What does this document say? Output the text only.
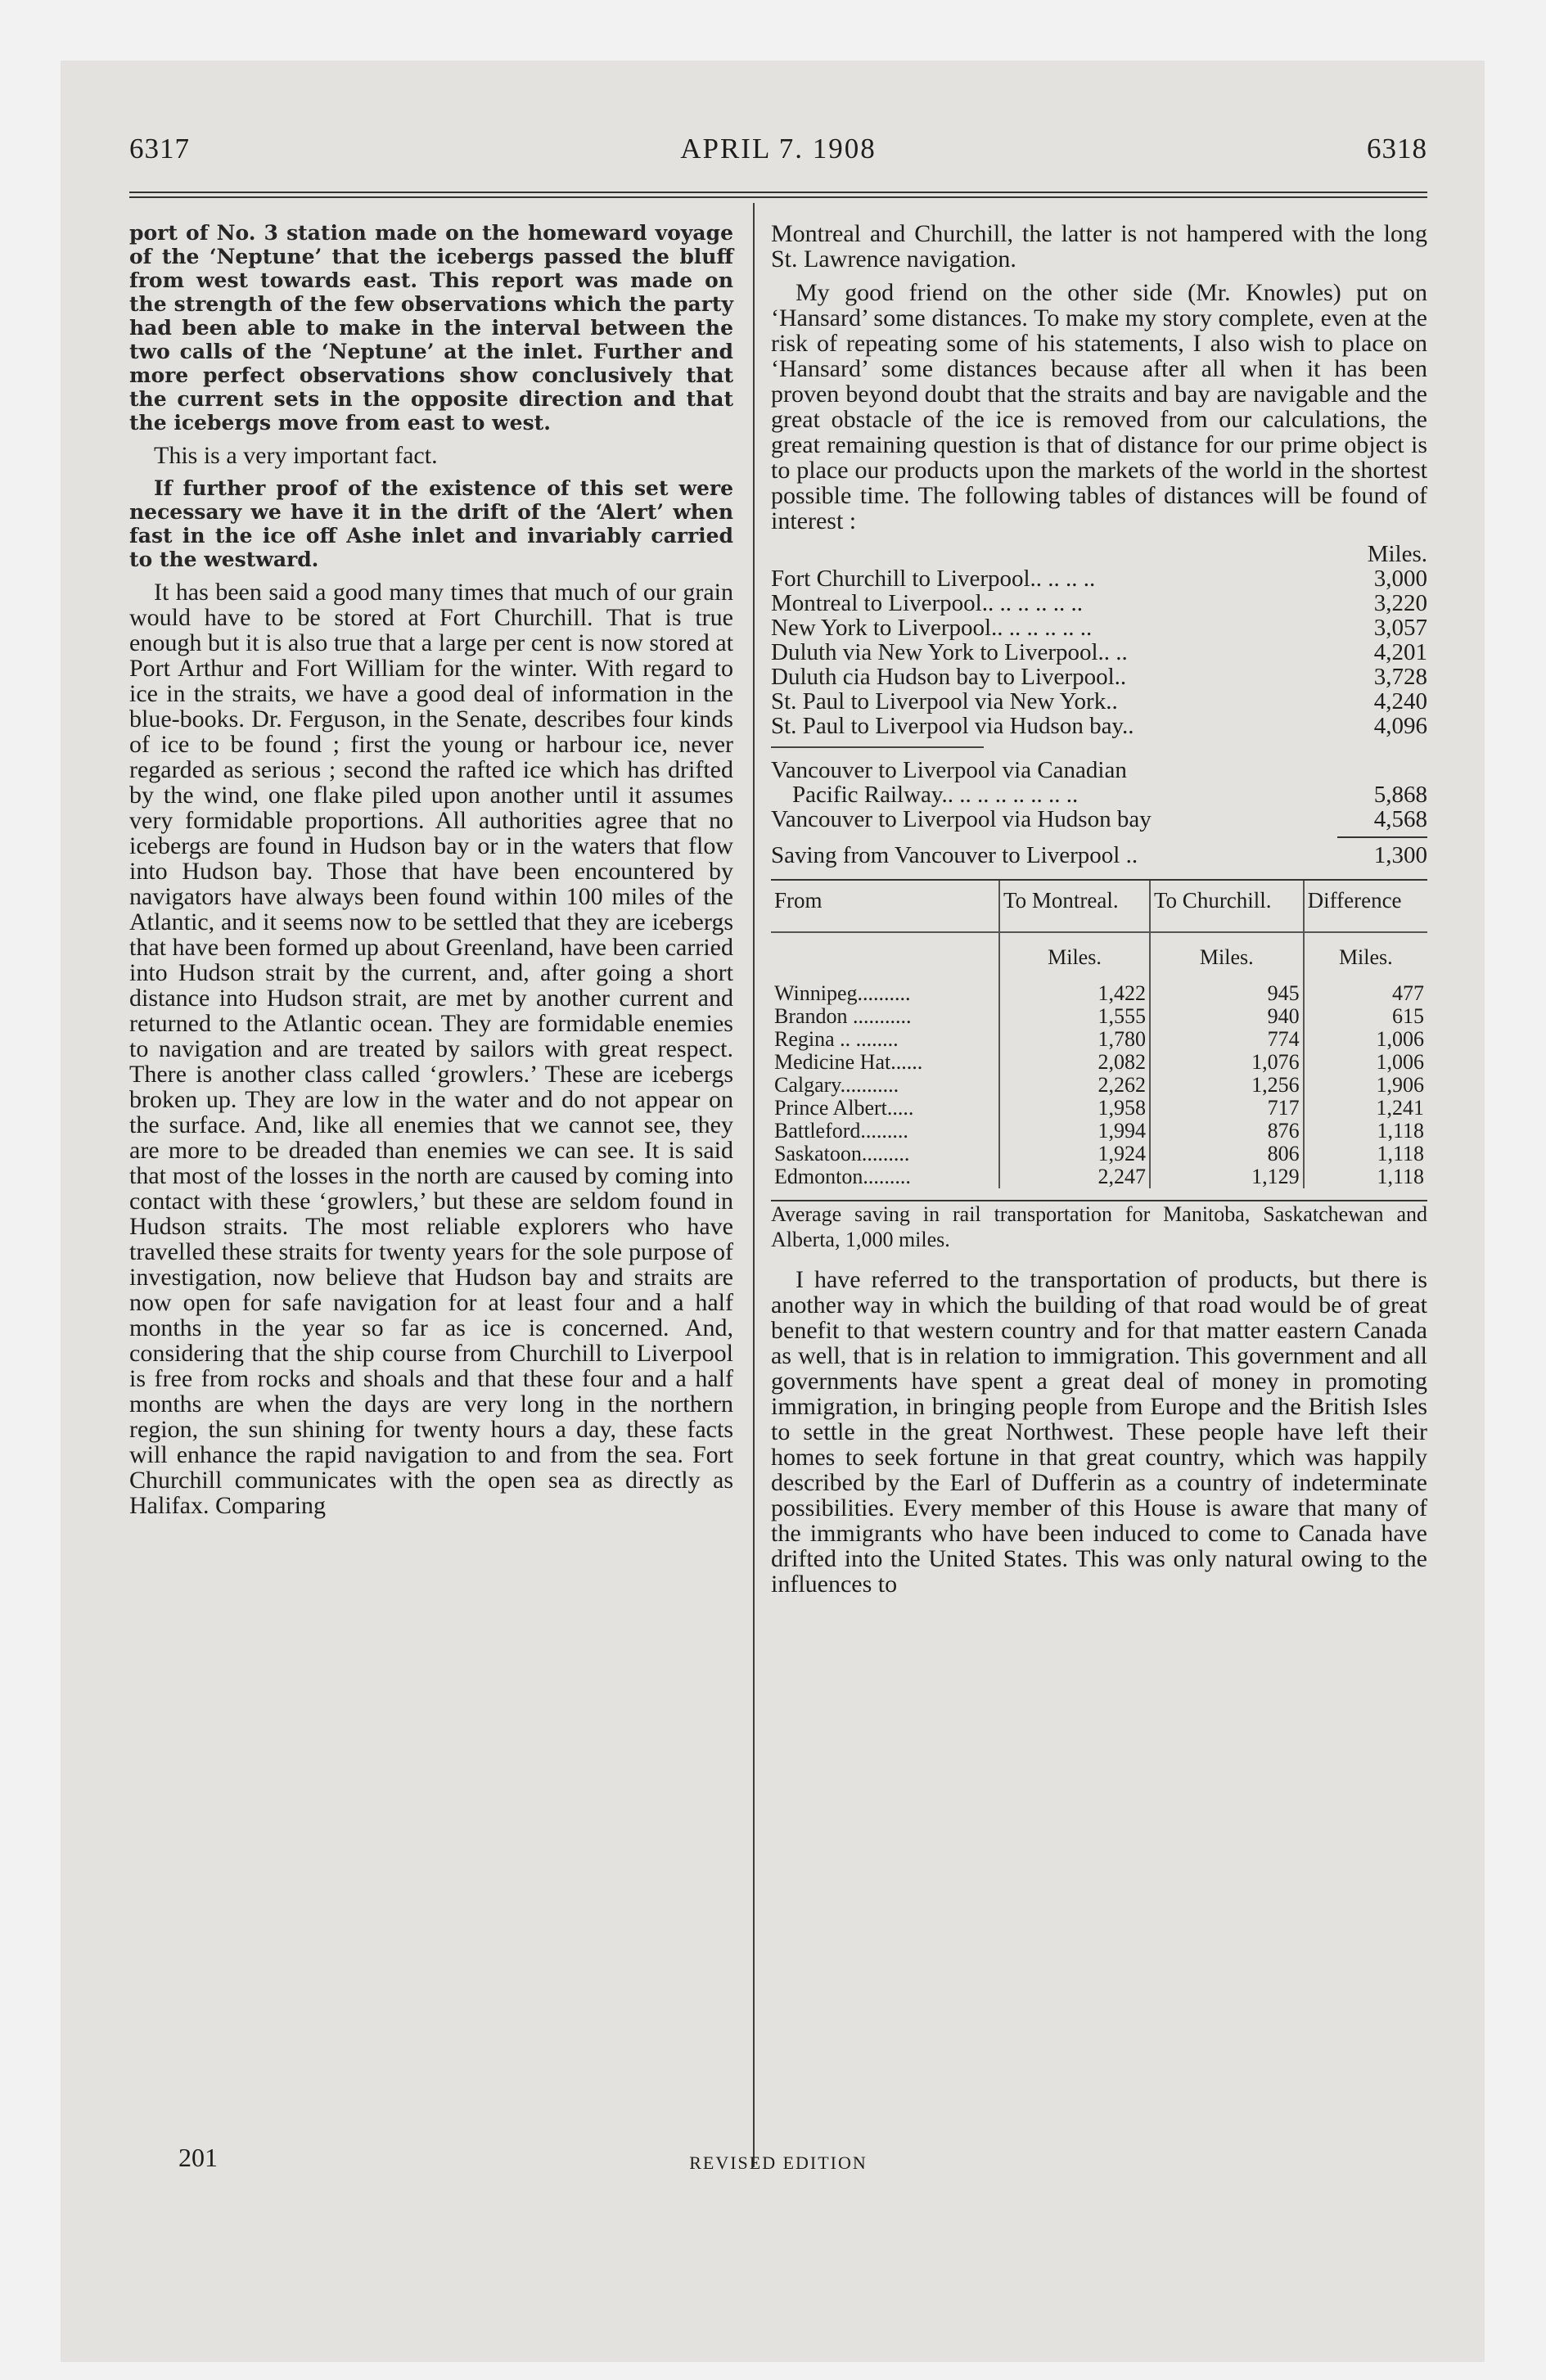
6317	APRIL 7. 1908	6318

port of No. 3 station made on the homeward voyage of the ‘Neptune’ that the icebergs passed the bluff from west towards east. This report was made on the strength of the few observations which the party had been able to make in the interval between the two calls of the ‘Neptune’ at the inlet. Further and more perfect observations show conclusively that the current sets in the opposite direction and that the icebergs move from east to west.

This is a very important fact.

If further proof of the existence of this set were necessary we have it in the drift of the ‘Alert’ when fast in the ice off Ashe inlet and invariably carried to the westward.

It has been said a good many times that much of our grain would have to be stored at Fort Churchill. That is true enough but it is also true that a large per cent is now stored at Port Arthur and Fort William for the winter. With regard to ice in the straits, we have a good deal of information in the blue-books. Dr. Ferguson, in the Senate, describes four kinds of ice to be found ; first the young or harbour ice, never regarded as serious ; second the rafted ice which has drifted by the wind, one flake piled upon another until it assumes very formidable proportions. All authorities agree that no icebergs are found in Hudson bay or in the waters that flow into Hudson bay. Those that have been encountered by navigators have always been found within 100 miles of the Atlantic, and it seems now to be settled that they are icebergs that have been formed up about Greenland, have been carried into Hudson strait by the current, and, after going a short distance into Hudson strait, are met by another current and returned to the Atlantic ocean. They are formidable enemies to navigation and are treated by sailors with great respect. There is another class called ‘growlers.’ These are icebergs broken up. They are low in the water and do not appear on the surface. And, like all enemies that we cannot see, they are more to be dreaded than enemies we can see. It is said that most of the losses in the north are caused by coming into contact with these ‘growlers,’ but these are seldom found in Hudson straits. The most reliable explorers who have travelled these straits for twenty years for the sole purpose of investigation, now believe that Hudson bay and straits are now open for safe navigation for at least four and a half months in the year so far as ice is concerned. And, considering that the ship course from Churchill to Liverpool is free from rocks and shoals and that these four and a half months are when the days are very long in the northern region, the sun shining for twenty hours a day, these facts will enhance the rapid navigation to and from the sea. Fort Churchill communicates with the open sea as directly as Halifax. Comparing

Montreal and Churchill, the latter is not hampered with the long St. Lawrence navigation.

My good friend on the other side (Mr. Knowles) put on ‘Hansard’ some distances. To make my story complete, even at the risk of repeating some of his statements, I also wish to place on ‘Hansard’ some distances because after all when it has been proven beyond doubt that the straits and bay are navigable and the great obstacle of the ice is removed from our calculations, the great remaining question is that of distance for our prime object is to place our products upon the markets of the world in the shortest possible time. The following tables of distances will be found of interest :

	Miles.
Fort Churchill to Liverpool.. .. .. ..	3,000
Montreal to Liverpool.. .. .. .. .. ..	3,220
New York to Liverpool.. .. .. .. .. ..	3,057
Duluth via New York to Liverpool.. ..	4,201
Duluth cia Hudson bay to Liverpool..	3,728
St. Paul to Liverpool via New York..	4,240
St. Paul to Liverpool via Hudson bay..	4,096
Vancouver to Liverpool via Canadian	
Pacific Railway.. .. .. .. .. .. .. ..	5,868
Vancouver to Liverpool via Hudson bay	4,568
Saving from Vancouver to Liverpool ..	1,300
From	To Montreal.	To Churchill.	Difference

	Miles.	Miles.	Miles.
Winnipeg..........	1,422	945	477
Brandon ...........	1,555	940	615
Regina .. ........	1,780	774	1,006
Medicine Hat......	2,082	1,076	1,006
Calgary...........	2,262	1,256	1,906
Prince Albert.....	1,958	717	1,241
Battleford.........	1,994	876	1,118
Saskatoon.........	1,924	806	1,118
Edmonton.........	2,247	1,129	1,118

Average saving in rail transportation for Manitoba, Saskatchewan and Alberta, 1,000 miles.

I have referred to the transportation of products, but there is another way in which the building of that road would be of great benefit to that western country and for that matter eastern Canada as well, that is in relation to immigration. This government and all governments have spent a great deal of money in promoting immigration, in bringing people from Europe and the British Isles to settle in the great Northwest. These people have left their homes to seek fortune in that great country, which was happily described by the Earl of Dufferin as a country of indeterminate possibilities. Every member of this House is aware that many of the immigrants who have been induced to come to Canada have drifted into the United States. This was only natural owing to the influences to

201	REVISED EDITION
